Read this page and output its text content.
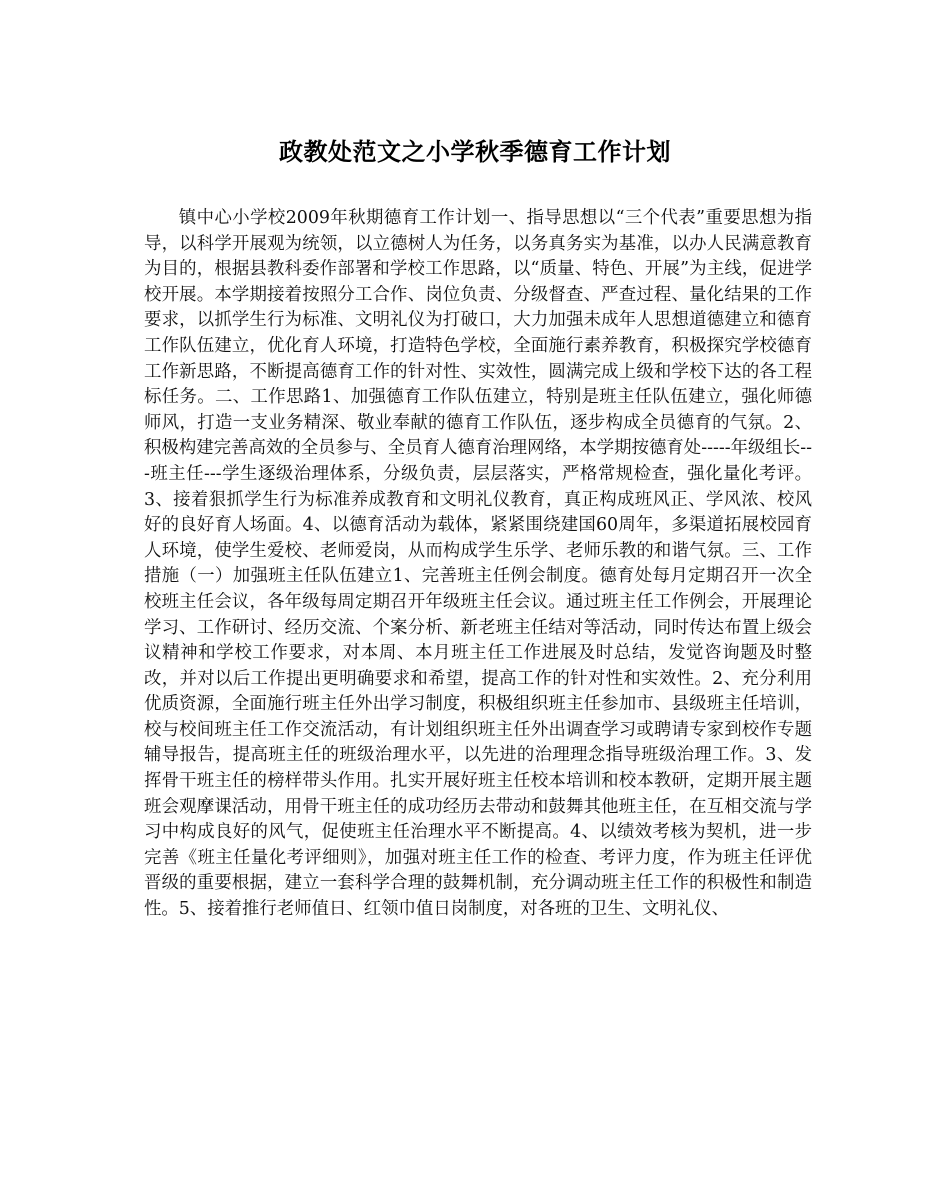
政教处范文之小学秋季德育工作计划

镇中心小学校2009年秋期德育工作计划一、指导思想以“三个代表”重要思想为指导，以科学开展观为统领，以立德树人为任务，以务真务实为基准，以办人民满意教育为目的，根据县教科委作部署和学校工作思路，以“质量、特色、开展”为主线，促进学校开展。本学期接着按照分工合作、岗位负责、分级督查、严查过程、量化结果的工作要求，以抓学生行为标准、文明礼仪为打破口，大力加强未成年人思想道德建立和德育工作队伍建立，优化育人环境，打造特色学校，全面施行素养教育，积极探究学校德育工作新思路，不断提高德育工作的针对性、实效性，圆满完成上级和学校下达的各工程标任务。二、工作思路1、加强德育工作队伍建立，特别是班主任队伍建立，强化师德师风，打造一支业务精深、敬业奉献的德育工作队伍，逐步构成全员德育的气氛。2、积极构建完善高效的全员参与、全员育人德育治理网络，本学期按德育处-----年级组长---班主任---学生逐级治理体系，分级负责，层层落实，严格常规检查，强化量化考评。3、接着狠抓学生行为标准养成教育和文明礼仪教育，真正构成班风正、学风浓、校风好的良好育人场面。4、以德育活动为载体，紧紧围绕建国60周年，多渠道拓展校园育人环境，使学生爱校、老师爱岗，从而构成学生乐学、老师乐教的和谐气氛。三、工作措施（一）加强班主任队伍建立1、完善班主任例会制度。德育处每月定期召开一次全校班主任会议，各年级每周定期召开年级班主任会议。通过班主任工作例会，开展理论学习、工作研讨、经历交流、个案分析、新老班主任结对等活动，同时传达布置上级会议精神和学校工作要求，对本周、本月班主任工作进展及时总结，发觉咨询题及时整改，并对以后工作提出更明确要求和希望，提高工作的针对性和实效性。2、充分利用优质资源，全面施行班主任外出学习制度，积极组织班主任参加市、县级班主任培训，校与校间班主任工作交流活动，有计划组织班主任外出调查学习或聘请专家到校作专题辅导报告，提高班主任的班级治理水平，以先进的治理理念指导班级治理工作。3、发挥骨干班主任的榜样带头作用。扎实开展好班主任校本培训和校本教研，定期开展主题班会观摩课活动，用骨干班主任的成功经历去带动和鼓舞其他班主任，在互相交流与学习中构成良好的风气，促使班主任治理水平不断提高。4、以绩效考核为契机，进一步完善《班主任量化考评细则》，加强对班主任工作的检查、考评力度，作为班主任评优晋级的重要根据，建立一套科学合理的鼓舞机制，充分调动班主任工作的积极性和制造性。5、接着推行老师值日、红领巾值日岗制度，对各班的卫生、文明礼仪、
